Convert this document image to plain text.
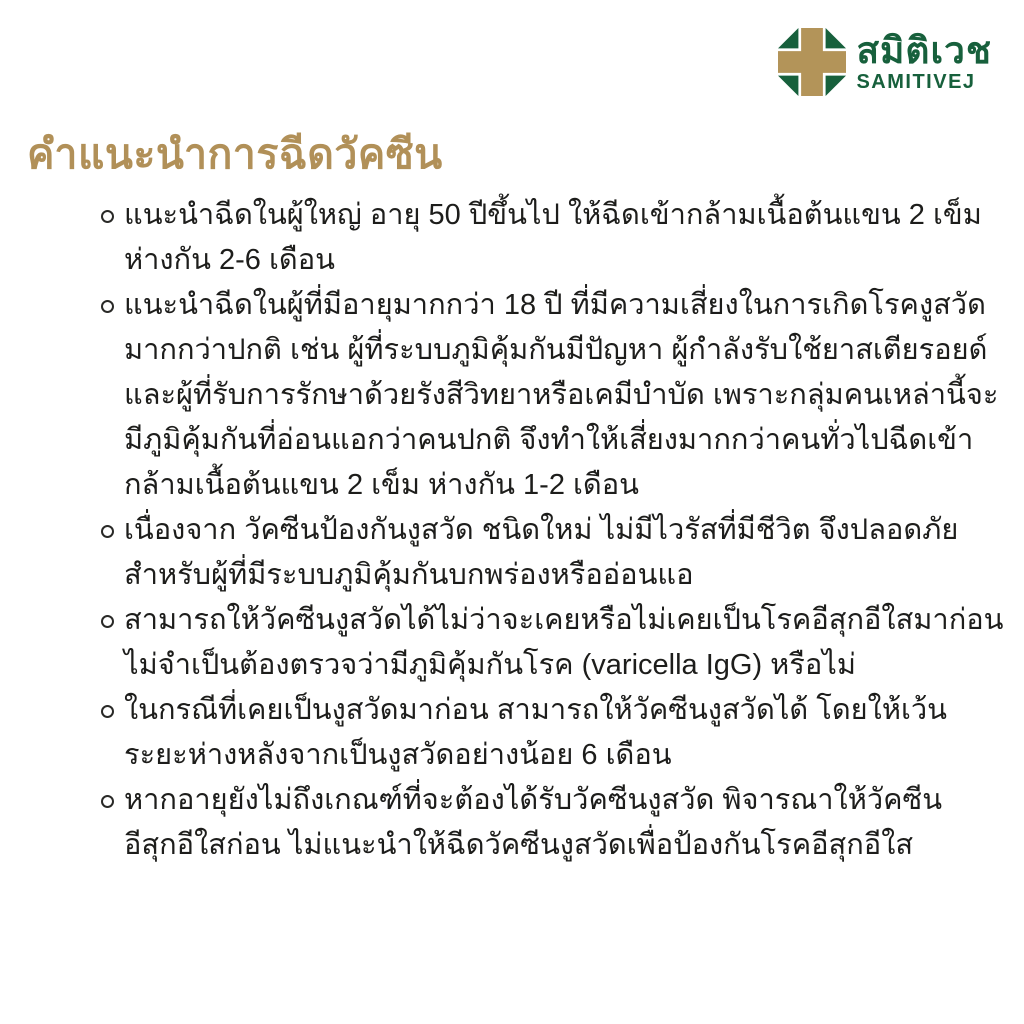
สมิติเวช
SAMITIVEJ
คำแนะนำการฉีดวัคซีน
แนะนำฉีดในผู้ใหญ่ อายุ 50 ปีขึ้นไป ให้ฉีดเข้ากล้ามเนื้อต้นแขน 2 เข็ม ห่างกัน 2-6 เดือน
แนะนำฉีดในผู้ที่มีอายุมากกว่า 18 ปี ที่มีความเสี่ยงในการเกิดโรคงูสวัดมากกว่าปกติ เช่น ผู้ที่ระบบภูมิคุ้มกันมีปัญหา ผู้กำลังรับใช้ยาสเตียรอยด์ และผู้ที่รับการรักษาด้วยรังสีวิทยาหรือเคมีบำบัด เพราะกลุ่มคนเหล่านี้จะมีภูมิคุ้มกันที่อ่อนแอกว่าคนปกติ จึงทำให้เสี่ยงมากกว่าคนทั่วไปฉีดเข้ากล้ามเนื้อต้นแขน 2 เข็ม ห่างกัน 1-2 เดือน
เนื่องจาก วัคซีนป้องกันงูสวัด ชนิดใหม่ ไม่มีไวรัสที่มีชีวิต จึงปลอดภัยสำหรับผู้ที่มีระบบภูมิคุ้มกันบกพร่องหรืออ่อนแอ
สามารถให้วัคซีนงูสวัดได้ไม่ว่าจะเคยหรือไม่เคยเป็นโรคอีสุกอีใสมาก่อน ไม่จำเป็นต้องตรวจว่ามีภูมิคุ้มกันโรค (varicella IgG) หรือไม่
ในกรณีที่เคยเป็นงูสวัดมาก่อน สามารถให้วัคซีนงูสวัดได้ โดยให้เว้นระยะห่างหลังจากเป็นงูสวัดอย่างน้อย 6 เดือน
หากอายุยังไม่ถึงเกณฑ์ที่จะต้องได้รับวัคซีนงูสวัด พิจารณาให้วัคซีนอีสุกอีใสก่อน ไม่แนะนำให้ฉีดวัคซีนงูสวัดเพื่อป้องกันโรคอีสุกอีใส
